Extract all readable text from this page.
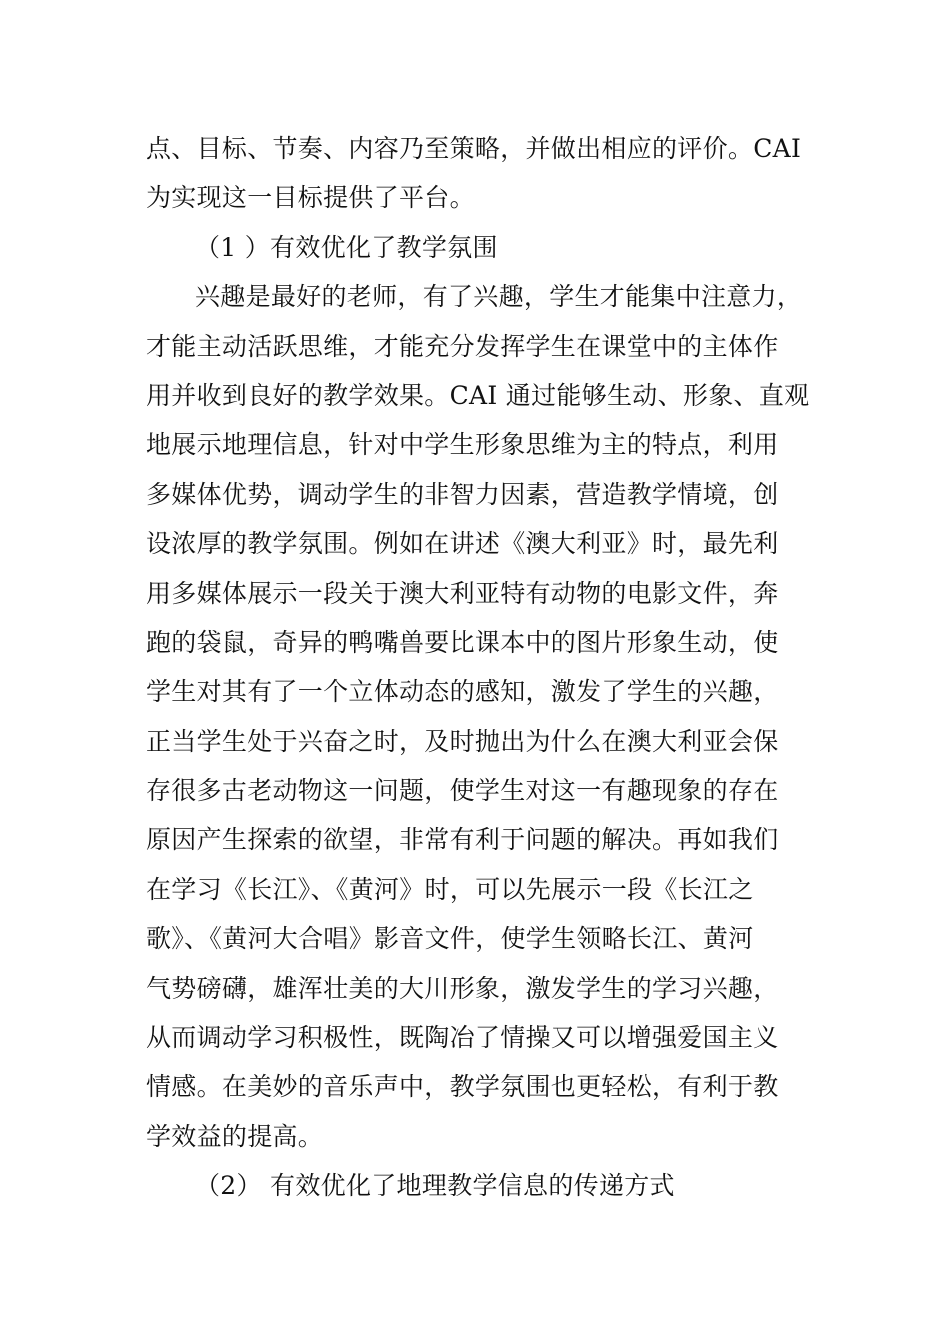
点、目标、节奏、内容乃至策略，并做出相应的评价。CAI
为实现这一目标提供了平台。
（1 ）有效优化了教学氛围
兴趣是最好的老师，有了兴趣，学生才能集中注意力，
才能主动活跃思维，才能充分发挥学生在课堂中的主体作
用并收到良好的教学效果。CAI 通过能够生动、形象、直观
地展示地理信息，针对中学生形象思维为主的特点，利用
多媒体优势，调动学生的非智力因素，营造教学情境，创
设浓厚的教学氛围。例如在讲述《澳大利亚》时，最先利
用多媒体展示一段关于澳大利亚特有动物的电影文件，奔
跑的袋鼠，奇异的鸭嘴兽要比课本中的图片形象生动，使
学生对其有了一个立体动态的感知，激发了学生的兴趣，
正当学生处于兴奋之时，及时抛出为什么在澳大利亚会保
存很多古老动物这一问题，使学生对这一有趣现象的存在
原因产生探索的欲望，非常有利于问题的解决。再如我们
在学习《长江》、《黄河》时，可以先展示一段《长江之
歌》、《黄河大合唱》影音文件，使学生领略长江、黄河
气势磅礴，雄浑壮美的大川形象，激发学生的学习兴趣，
从而调动学习积极性，既陶冶了情操又可以增强爱国主义
情感。在美妙的音乐声中，教学氛围也更轻松，有利于教
学效益的提高。
（2） 有效优化了地理教学信息的传递方式
